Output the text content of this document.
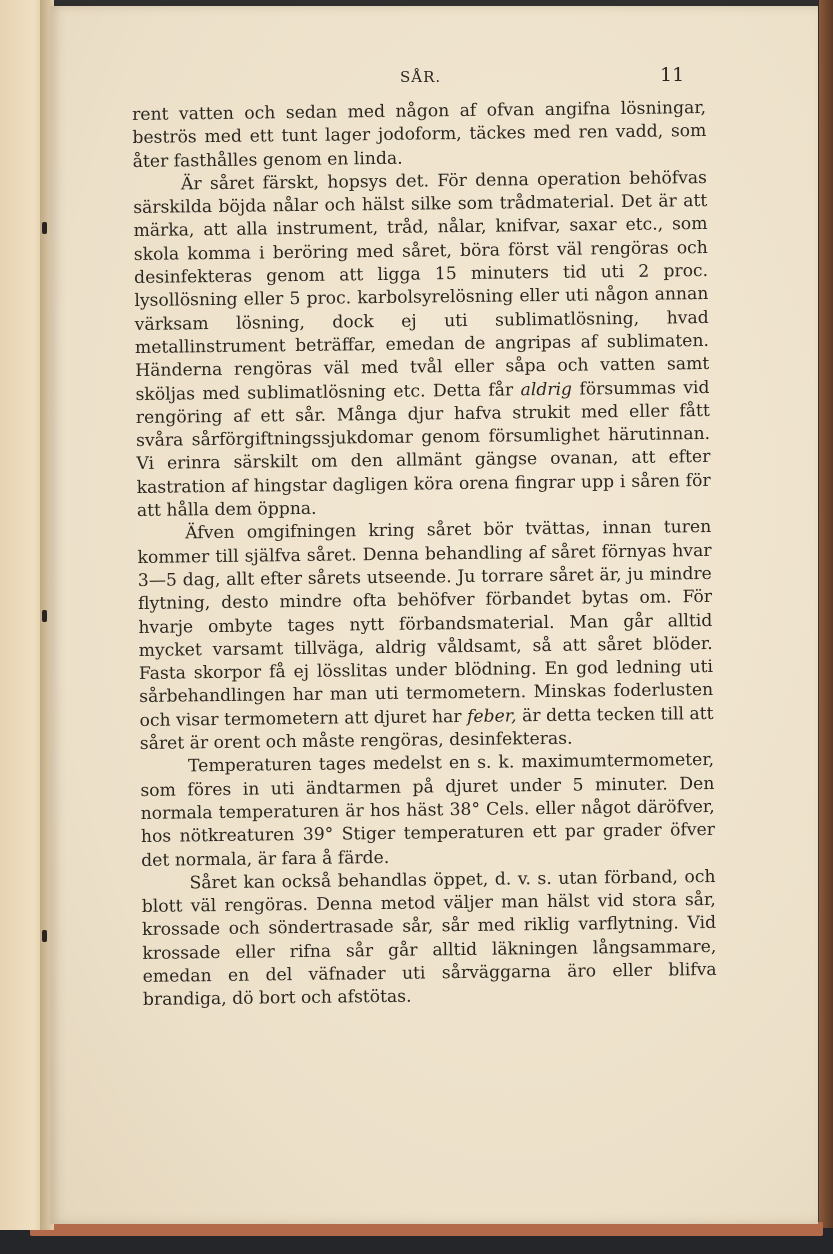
SÅR.	11

rent vatten och sedan med någon af ofvan angifna lösningar, beströs med ett tunt lager jodoform, täckes med ren vadd, som åter fasthålles genom en linda.

Är såret färskt, hopsys det. För denna operation behöfvas särskilda böjda nålar och hälst silke som trådmaterial. Det är att märka, att alla instrument, tråd, nålar, knifvar, saxar etc., som skola komma i beröring med såret, böra först väl rengöras och desinfekteras genom att ligga 15 minuters tid uti 2 proc. lysollösning eller 5 proc. karbolsyrelösning eller uti någon annan värksam lösning, dock ej uti sublimatlösning, hvad metallinstrument beträffar, emedan de angripas af sublimaten. Händerna rengöras väl med tvål eller såpa och vatten samt sköljas med sublimatlösning etc. Detta får aldrig försummas vid rengöring af ett sår. Många djur hafva strukit med eller fått svåra sårförgiftningssjukdomar genom försumlighet härutinnan. Vi erinra särskilt om den allmänt gängse ovanan, att efter kastration af hingstar dagligen köra orena fingrar upp i såren för att hålla dem öppna.

Äfven omgifningen kring såret bör tvättas, innan turen kommer till själfva såret. Denna behandling af såret förnyas hvar 3—5 dag, allt efter sårets utseende. Ju torrare såret är, ju mindre flytning, desto mindre ofta behöfver förbandet bytas om. För hvarje ombyte tages nytt förbandsmaterial. Man går alltid mycket varsamt tillväga, aldrig våldsamt, så att såret blöder. Fasta skorpor få ej lösslitas under blödning. En god ledning uti sårbehandlingen har man uti termometern. Minskas foderlusten och visar termometern att djuret har feber, är detta tecken till att såret är orent och måste rengöras, desinfekteras.

Temperaturen tages medelst en s. k. maximumtermometer, som föres in uti ändtarmen på djuret under 5 minuter. Den normala temperaturen är hos häst 38° Cels. eller något däröfver, hos nötkreaturen 39° Stiger temperaturen ett par grader öfver det normala, är fara å färde.

Såret kan också behandlas öppet, d. v. s. utan förband, och blott väl rengöras. Denna metod väljer man hälst vid stora sår, krossade och söndertrasade sår, sår med riklig varflytning. Vid krossade eller rifna sår går alltid läkningen långsammare, emedan en del väfnader uti sårväggarna äro eller blifva brandiga, dö bort och afstötas.
